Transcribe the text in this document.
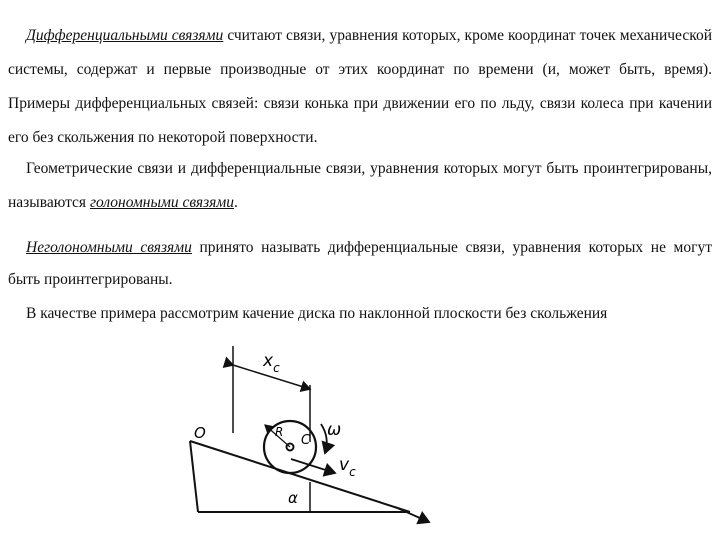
Дифференциальными связями считают связи, уравнения которых, кроме координат точек механической системы, содержат и первые производные от этих координат по времени (и, может быть, время). Примеры дифференциальных связей: связи конька при движении его по льду, связи колеса при качении его без скольжения по некоторой поверхности.

Геометрические связи и дифференциальные связи, уравнения которых могут быть проинтегрированы, называются голономными связями.

Неголономными связями принято называть дифференциальные связи, уравнения которых не могут быть проинтегрированы.

В качестве примера рассмотрим качение диска по наклонной плоскости без скольжения

O
$x_c$
R
C
ω
$v_c$
α
